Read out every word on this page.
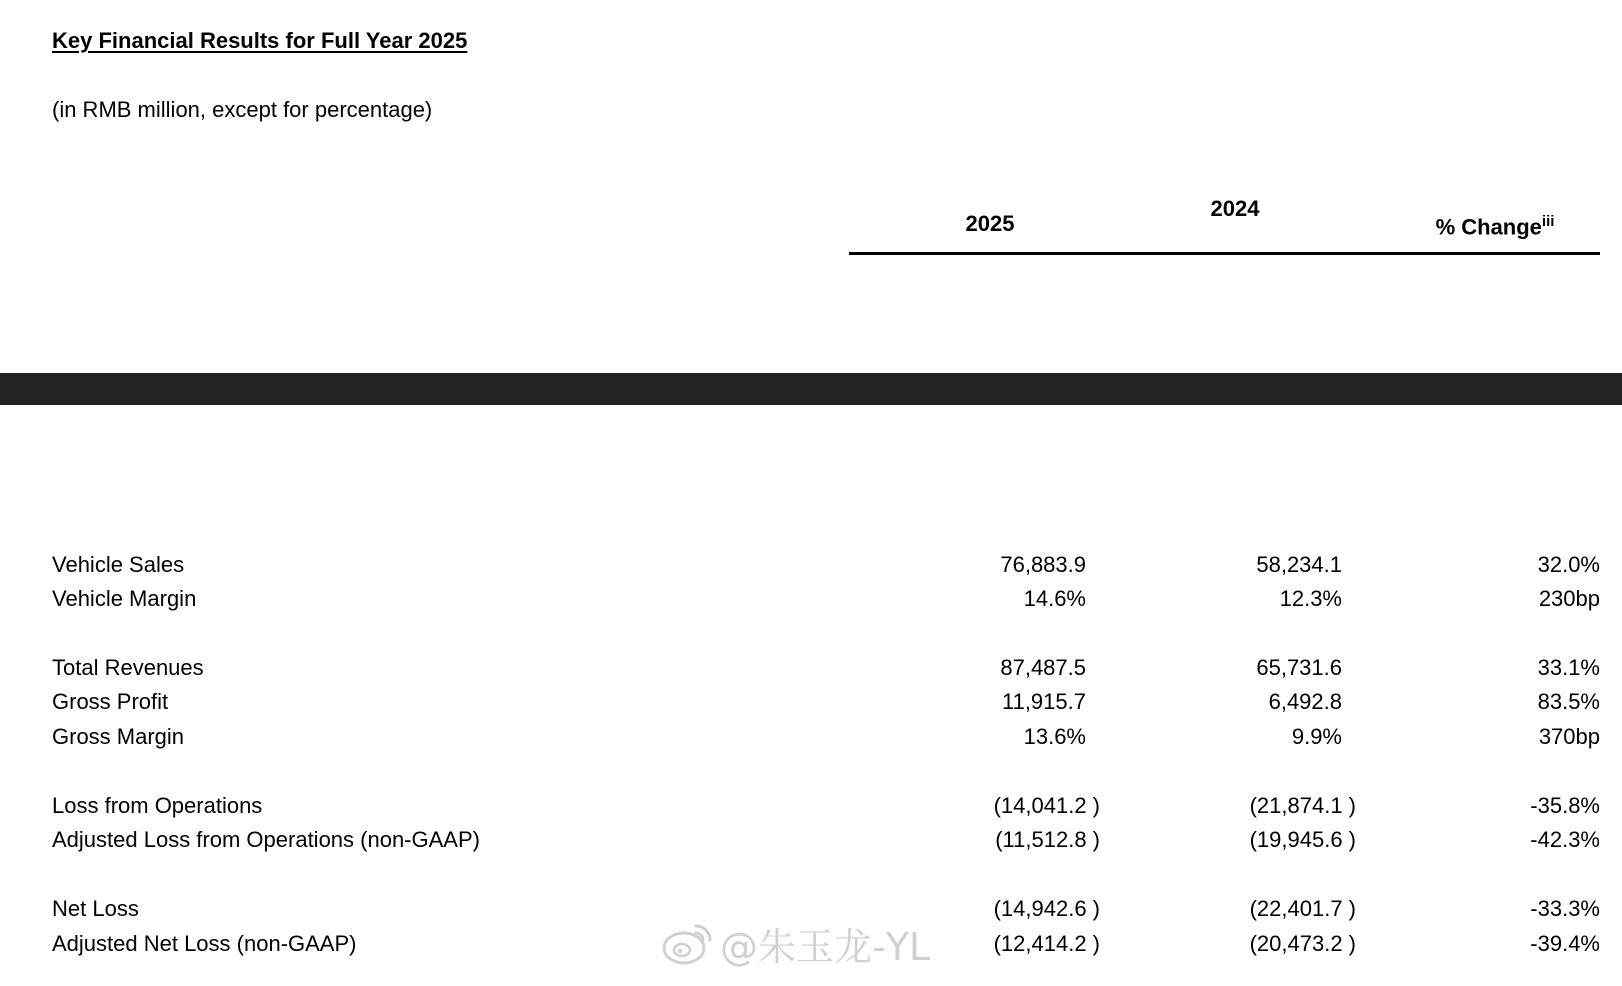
Key Financial Results for Full Year 2025
(in RMB million, except for percentage)
2025
2024
% Change$^{iii}$
Vehicle Sales	76,883.9	58,234.1	32.0%
Vehicle Margin	14.6%	12.3%	230bp
Total Revenues	87,487.5	65,731.6	33.1%
Gross Profit	11,915.7	6,492.8	83.5%
Gross Margin	13.6%	9.9%	370bp
Loss from Operations	(14,041.2 )	(21,874.1 )	-35.8%
Adjusted Loss from Operations (non-GAAP)	(11,512.8 )	(19,945.6 )	-42.3%
Net Loss	(14,942.6 )	(22,401.7 )	-33.3%
Adjusted Net Loss (non-GAAP)	(12,414.2 )	(20,473.2 )	-39.4%
@朱玉龙-YL
